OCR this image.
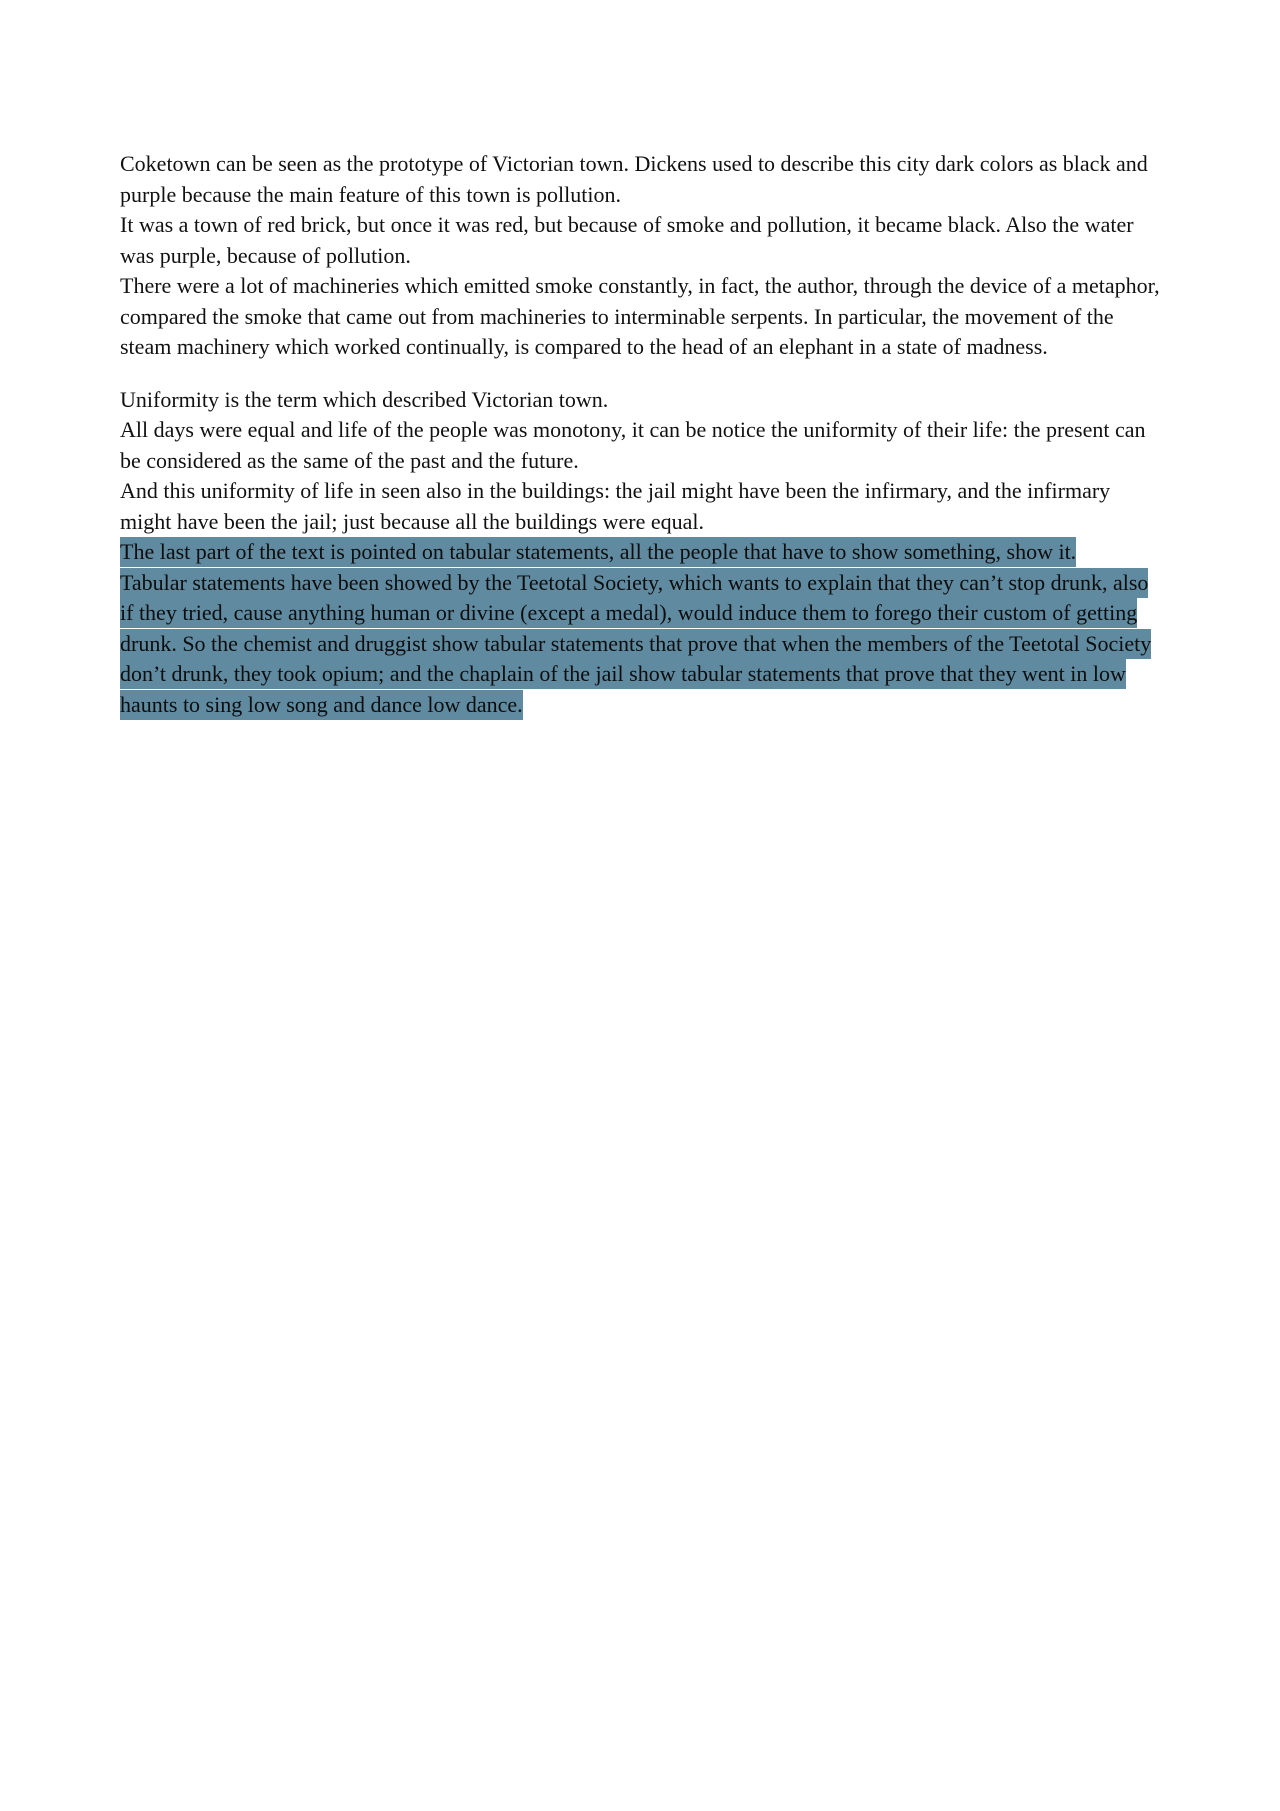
Coketown can be seen as the prototype of Victorian town. Dickens used to describe this city dark colors as black and purple because the main feature of this town is pollution.

It was a town of red brick, but once it was red, but because of smoke and pollution, it became black. Also the water was purple, because of pollution.

There were a lot of machineries which emitted smoke constantly, in fact, the author, through the device of a metaphor, compared the smoke that came out from machineries to interminable serpents. In particular, the movement of the steam machinery which worked continually, is compared to the head of an elephant in a state of madness.

Uniformity is the term which described Victorian town.

All days were equal and life of the people was monotony, it can be notice the uniformity of their life: the present can be considered as the same of the past and the future.

And this uniformity of life in seen also in the buildings: the jail might have been the infirmary, and the infirmary might have been the jail; just because all the buildings were equal.

The last part of the text is pointed on tabular statements, all the people that have to show something, show it.
Tabular statements have been showed by the Teetotal Society, which wants to explain that they can’t stop drunk, also if they tried, cause anything human or divine (except a medal), would induce them to forego their custom of getting drunk. So the chemist and druggist show tabular statements that prove that when the members of the Teetotal Society don’t drunk, they took opium; and the chaplain of the jail show tabular statements that prove that they went in low haunts to sing low song and dance low dance.
